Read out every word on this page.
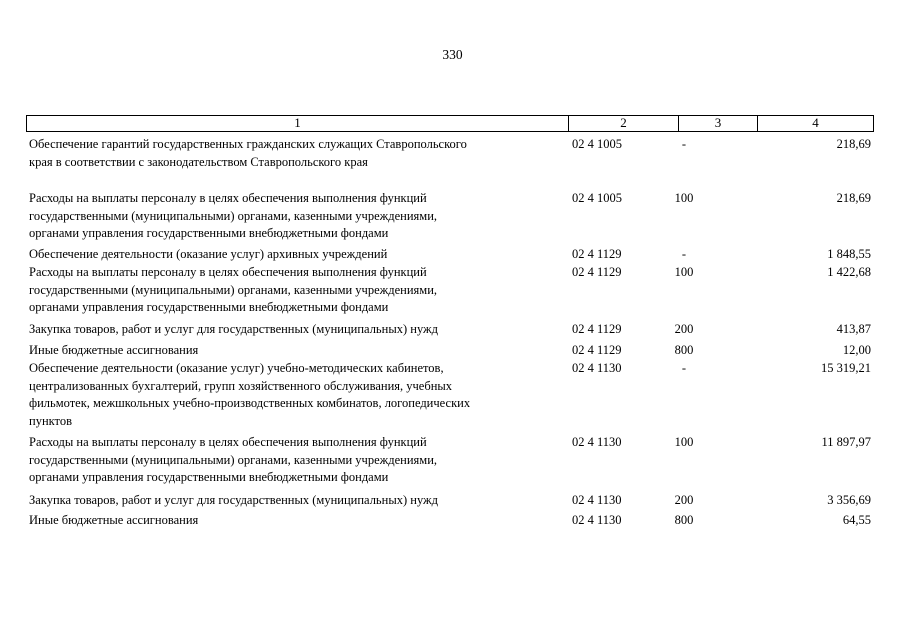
330
1	2	3	4
Обеспечение гарантий государственных гражданских служащих Ставропольского
края в соответствии с законодательством Ставропольского края
02 4 1005	-	218,69
Расходы на выплаты персоналу в целях обеспечения выполнения функций
государственными (муниципальными) органами, казенными учреждениями,
органами управления государственными внебюджетными фондами
02 4 1005	100	218,69
Обеспечение деятельности (оказание услуг) архивных учреждений	02 4 1129	-	1 848,55
Расходы на выплаты персоналу в целях обеспечения выполнения функций
государственными (муниципальными) органами, казенными учреждениями,
органами управления государственными внебюджетными фондами
02 4 1129	100	1 422,68
Закупка товаров, работ и услуг для государственных (муниципальных) нужд	02 4 1129	200	413,87
Иные бюджетные ассигнования	02 4 1129	800	12,00
Обеспечение деятельности (оказание услуг) учебно-методических кабинетов,
централизованных бухгалтерий, групп хозяйственного обслуживания, учебных
фильмотек, межшкольных учебно-производственных комбинатов, логопедических
пунктов
02 4 1130	-	15 319,21
Расходы на выплаты персоналу в целях обеспечения выполнения функций
государственными (муниципальными) органами, казенными учреждениями,
органами управления государственными внебюджетными фондами
02 4 1130	100	11 897,97
Закупка товаров, работ и услуг для государственных (муниципальных) нужд	02 4 1130	200	3 356,69
Иные бюджетные ассигнования	02 4 1130	800	64,55
